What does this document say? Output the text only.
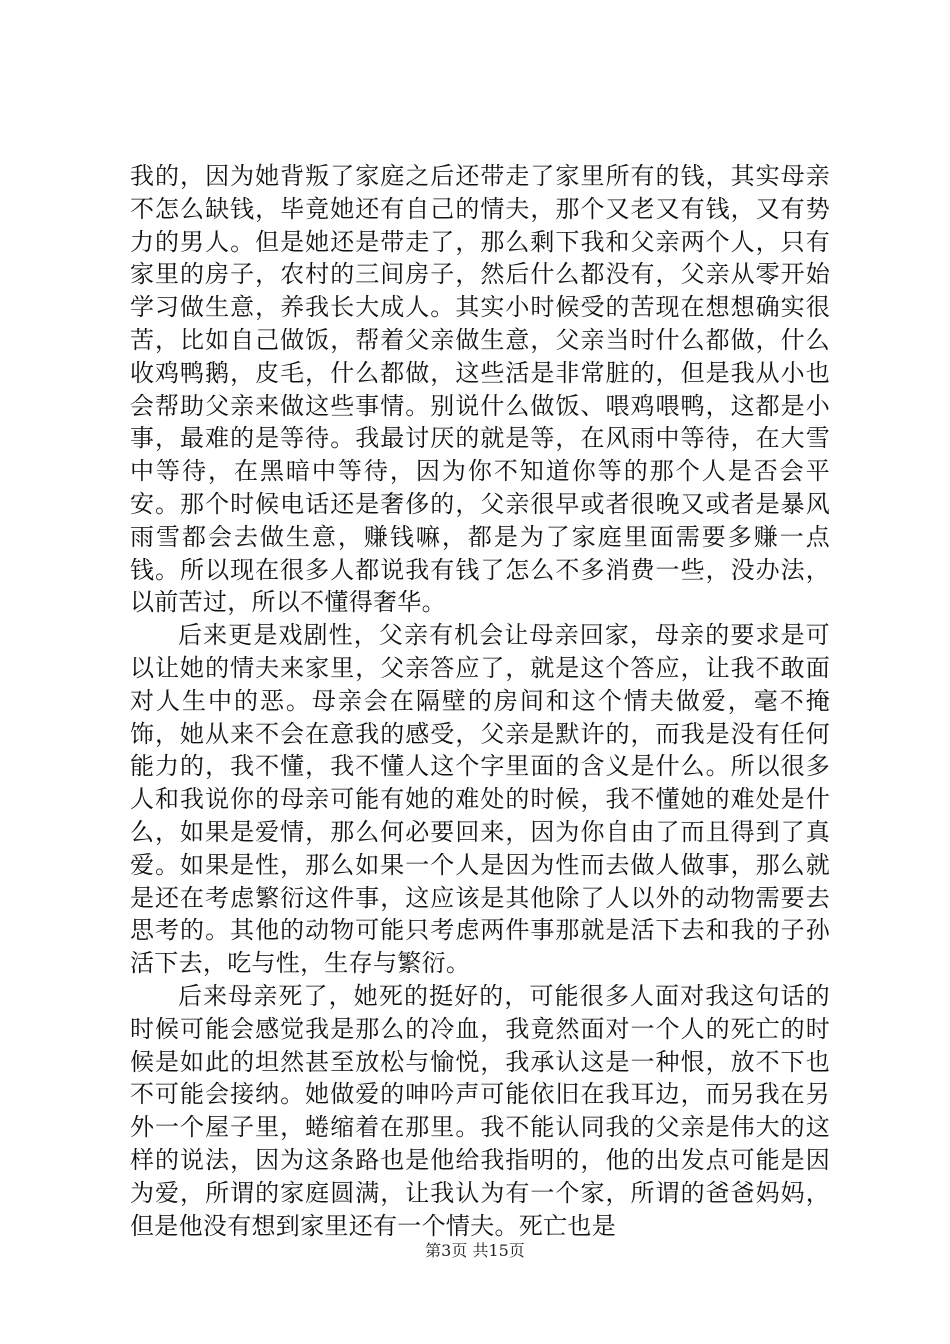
我的，因为她背叛了家庭之后还带走了家里所有的钱，其实母亲不怎么缺钱，毕竟她还有自己的情夫，那个又老又有钱，又有势力的男人。但是她还是带走了，那么剩下我和父亲两个人，只有家里的房子，农村的三间房子，然后什么都没有，父亲从零开始学习做生意，养我长大成人。其实小时候受的苦现在想想确实很苦，比如自己做饭，帮着父亲做生意，父亲当时什么都做，什么收鸡鸭鹅，皮毛，什么都做，这些活是非常脏的，但是我从小也会帮助父亲来做这些事情。别说什么做饭、喂鸡喂鸭，这都是小事，最难的是等待。我最讨厌的就是等，在风雨中等待，在大雪中等待，在黑暗中等待，因为你不知道你等的那个人是否会平安。那个时候电话还是奢侈的，父亲很早或者很晚又或者是暴风雨雪都会去做生意，赚钱嘛，都是为了家庭里面需要多赚一点钱。所以现在很多人都说我有钱了怎么不多消费一些，没办法，以前苦过，所以不懂得奢华。

后来更是戏剧性，父亲有机会让母亲回家，母亲的要求是可以让她的情夫来家里，父亲答应了，就是这个答应，让我不敢面对人生中的恶。母亲会在隔壁的房间和这个情夫做爱，毫不掩饰，她从来不会在意我的感受，父亲是默许的，而我是没有任何能力的，我不懂，我不懂人这个字里面的含义是什么。所以很多人和我说你的母亲可能有她的难处的时候，我不懂她的难处是什么，如果是爱情，那么何必要回来，因为你自由了而且得到了真爱。如果是性，那么如果一个人是因为性而去做人做事，那么就是还在考虑繁衍这件事，这应该是其他除了人以外的动物需要去思考的。其他的动物可能只考虑两件事那就是活下去和我的子孙活下去，吃与性，生存与繁衍。

后来母亲死了，她死的挺好的，可能很多人面对我这句话的时候可能会感觉我是那么的冷血，我竟然面对一个人的死亡的时候是如此的坦然甚至放松与愉悦，我承认这是一种恨，放不下也不可能会接纳。她做爱的呻吟声可能依旧在我耳边，而另我在另外一个屋子里，蜷缩着在那里。我不能认同我的父亲是伟大的这样的说法，因为这条路也是他给我指明的，他的出发点可能是因为爱，所谓的家庭圆满，让我认为有一个家，所谓的爸爸妈妈，但是他没有想到家里还有一个情夫。死亡也是

第3页 共15页
